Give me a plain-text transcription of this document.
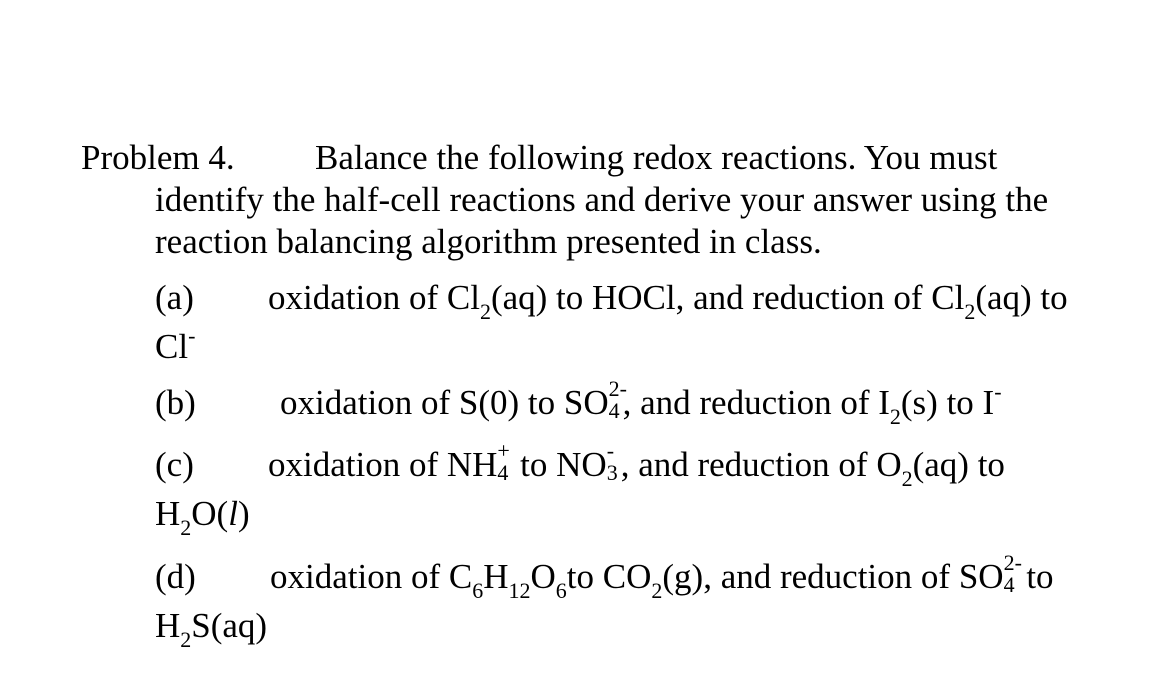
Problem 4. Balance the following redox reactions. You must
identify the half-cell reactions and derive your answer using the
reaction balancing algorithm presented in class.
(a) oxidation of $Cl_2(aq)$ to HOCl, and reduction of $Cl_2(aq)$ to
Cl-
(b) oxidation of S(0) to SO 2-
4 , and reduction of $I_2(s)$ to I-
(c) oxidation of NH +
4 to NO -
3 , and reduction of $O_2(aq)$ to
$H_2O(l)$
(d) oxidation of $C_6H_{12}O_6to$ $CO_2(g)$, and reduction of SO 2-
4 to
$H_2S(aq)$
